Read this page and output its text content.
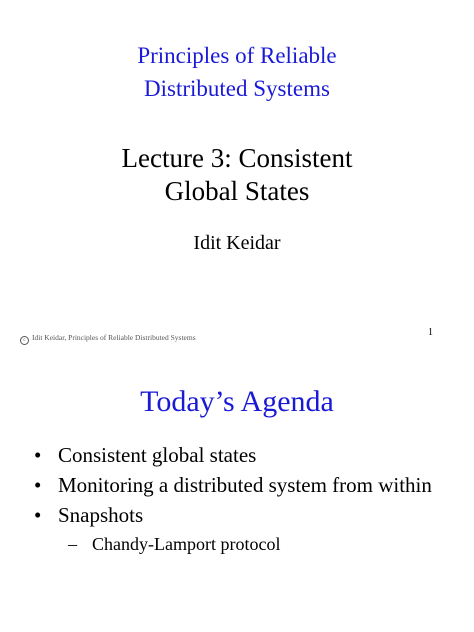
Principles of Reliable
Distributed Systems
Lecture 3: Consistent
Global States
Idit Keidar
c Idit Keidar, Principles of Reliable Distributed Systems	1
Today’s Agenda
• Consistent global states
• Monitoring a distributed system from within
• Snapshots
– Chandy-Lamport protocol
